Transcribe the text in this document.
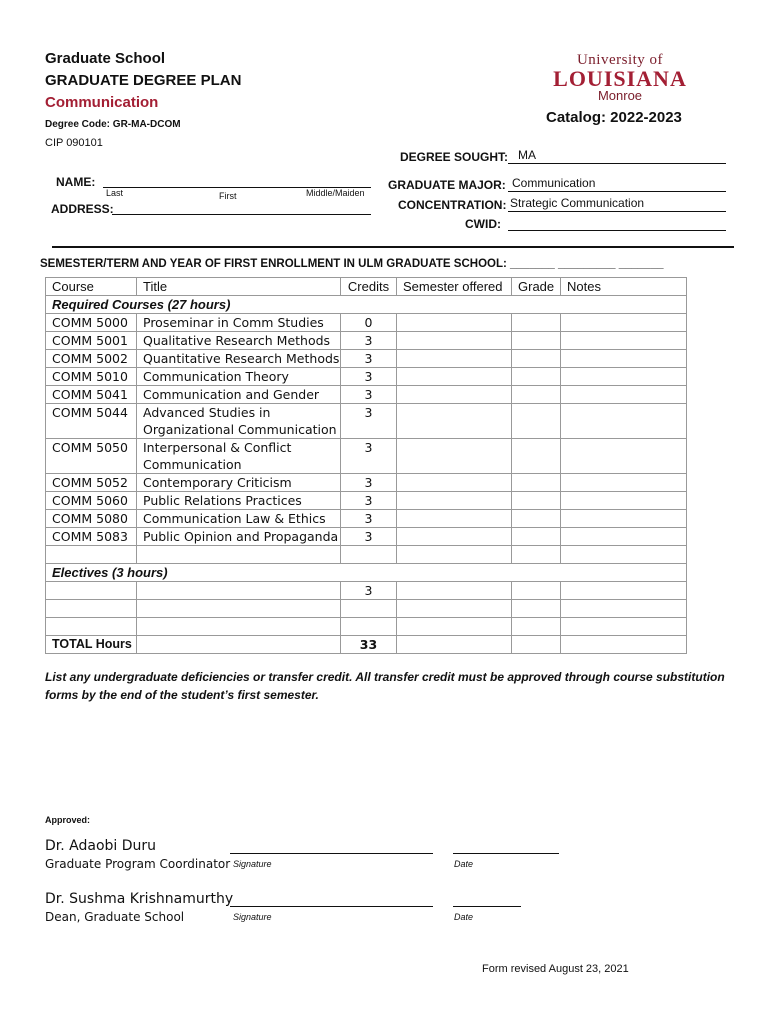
Graduate School
GRADUATE DEGREE PLAN
Communication
Degree Code: GR-MA-DCOM
CIP 090101
University of
LOUISIANA
Monroe
Catalog: 2022-2023
DEGREE SOUGHT: MA
NAME:
Last	First	Middle/Maiden
ADDRESS:
GRADUATE MAJOR: Communication
CONCENTRATION: Strategic Communication
CWID:
SEMESTER/TERM AND YEAR OF FIRST ENROLLMENT IN ULM GRADUATE SCHOOL: _______ _________ _______
Course	Title	Credits	Semester offered	Grade	Notes
Required Courses (27 hours)					
COMM 5000	Proseminar in Comm Studies	0			
COMM 5001	Qualitative Research Methods	3			
COMM 5002	Quantitative Research Methods	3			
COMM 5010	Communication Theory	3			
COMM 5041	Communication and Gender	3			
COMM 5044	Advanced Studies in
Organizational Communication	3			
COMM 5050	Interpersonal & Conflict
Communication	3			
COMM 5052	Contemporary Criticism	3			
COMM 5060	Public Relations Practices	3			
COMM 5080	Communication Law & Ethics	3			
COMM 5083	Public Opinion and Propaganda	3			

Electives (3 hours)					
		3			

TOTAL Hours		33			
List any undergraduate deficiencies or transfer credit. All transfer credit must be approved through course substitution forms by the end of the student’s first semester.
Approved:
Dr. Adaobi Duru
Graduate Program Coordinator Signature	Date
Dr. Sushma Krishnamurthy
Dean, Graduate School	Signature	Date
Form revised August 23, 2021
